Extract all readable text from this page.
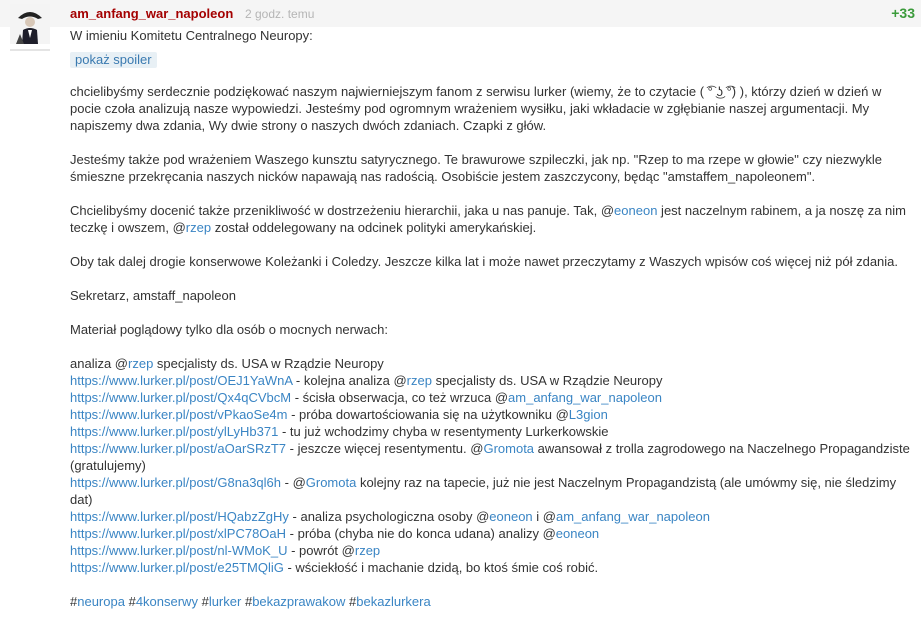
am_anfang_war_napoleon 2 godz. temu	+33

W imieniu Komitetu Centralnego Neuropy:

pokaż spoiler

chcielibyśmy serdecznie podziękować naszym najwierniejszym fanom z serwisu lurker (wiemy, że to czytacie ( ͡° ͜ʖ ͡°) ), którzy dzień w dzień w pocie czoła analizują nasze wypowiedzi. Jesteśmy pod ogromnym wrażeniem wysiłku, jaki wkładacie w zgłębianie naszej argumentacji. My napiszemy dwa zdania, Wy dwie strony o naszych dwóch zdaniach. Czapki z głów.

Jesteśmy także pod wrażeniem Waszego kunsztu satyrycznego. Te brawurowe szpileczki, jak np. "Rzep to ma rzepe w głowie" czy niezwykle śmieszne przekręcania naszych nicków napawają nas radością. Osobiście jestem zaszczycony, będąc "amstaffem_napoleonem".

Chcielibyśmy docenić także przenikliwość w dostrzeżeniu hierarchii, jaka u nas panuje. Tak, @eoneon jest naczelnym rabinem, a ja noszę za nim teczkę i owszem, @rzep został oddelegowany na odcinek polityki amerykańskiej.

Oby tak dalej drogie konserwowe Koleżanki i Coledzy. Jeszcze kilka lat i może nawet przeczytamy z Waszych wpisów coś więcej niż pół zdania.

Sekretarz, amstaff_napoleon

Materiał poglądowy tylko dla osób o mocnych nerwach:

analiza @rzep specjalisty ds. USA w Rządzie Neuropy

https://www.lurker.pl/post/OEJ1YaWnA - kolejna analiza @rzep specjalisty ds. USA w Rządzie Neuropy

https://www.lurker.pl/post/Qx4qCVbcM - ścisła obserwacja, co też wrzuca @am_anfang_war_napoleon

https://www.lurker.pl/post/vPkaoSe4m - próba dowartościowania się na użytkowniku @L3gion

https://www.lurker.pl/post/ylLyHb371 - tu już wchodzimy chyba w resentymenty Lurkerkowskie

https://www.lurker.pl/post/aOarSRzT7 - jeszcze więcej resentymentu. @Gromota awansował z trolla zagrodowego na Naczelnego Propagandziste (gratulujemy)

https://www.lurker.pl/post/G8na3ql6h - @Gromota kolejny raz na tapecie, już nie jest Naczelnym Propagandzistą (ale umówmy się, nie śledzimy dat)

https://www.lurker.pl/post/HQabzZgHy - analiza psychologiczna osoby @eoneon i @am_anfang_war_napoleon

https://www.lurker.pl/post/xlPC78OaH - próba (chyba nie do konca udana) analizy @eoneon

https://www.lurker.pl/post/nl-WMoK_U - powrót @rzep

https://www.lurker.pl/post/e25TMQliG - wściekłość i machanie dzidą, bo ktoś śmie coś robić.

#neuropa #4konserwy #lurker #bekazprawakow #bekazlurkera
